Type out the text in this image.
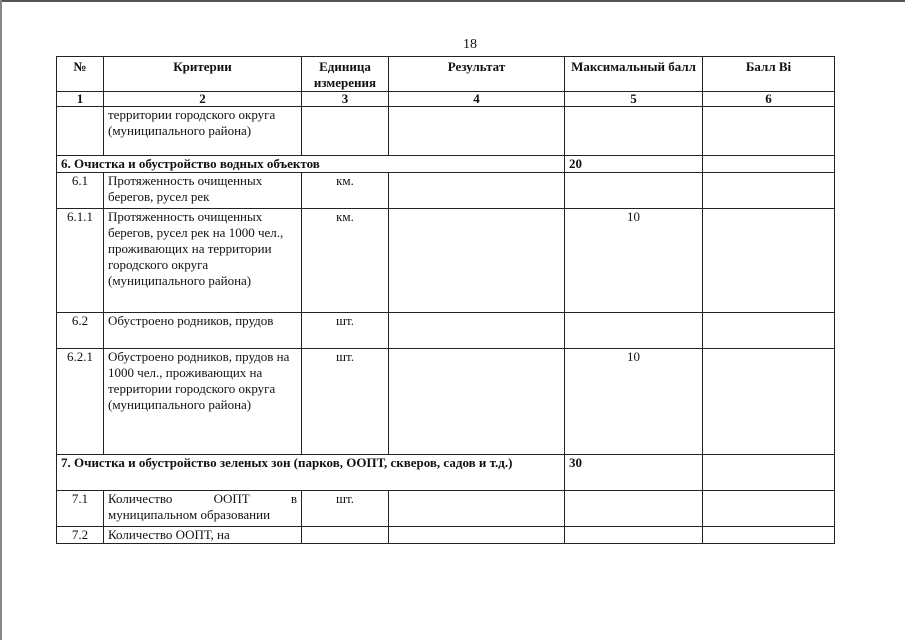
18
№	Критерии	Единица измерения	Результат	Максимальный балл	Балл Bi
1	2	3	4	5	6
	территории городского округа (муниципального района)				
6. Очистка и обустройство водных объектов				20	
6.1	Протяженность очищенных берегов, русел рек	км.			
6.1.1	Протяженность очищенных берегов, русел рек на 1000 чел., проживающих на территории городского округа (муниципального района)	км.		10	
6.2	Обустроено родников, прудов	шт.			
6.2.1	Обустроено родников, прудов на 1000 чел., проживающих на территории городского округа (муниципального района)	шт.		10	
7. Очистка и обустройство зеленых зон (парков, ООПТ, скверов, садов и т.д.)				30	
7.1	Количество ООПТ в муниципальном образовании	шт.			
7.2	Количество ООПТ, на				
